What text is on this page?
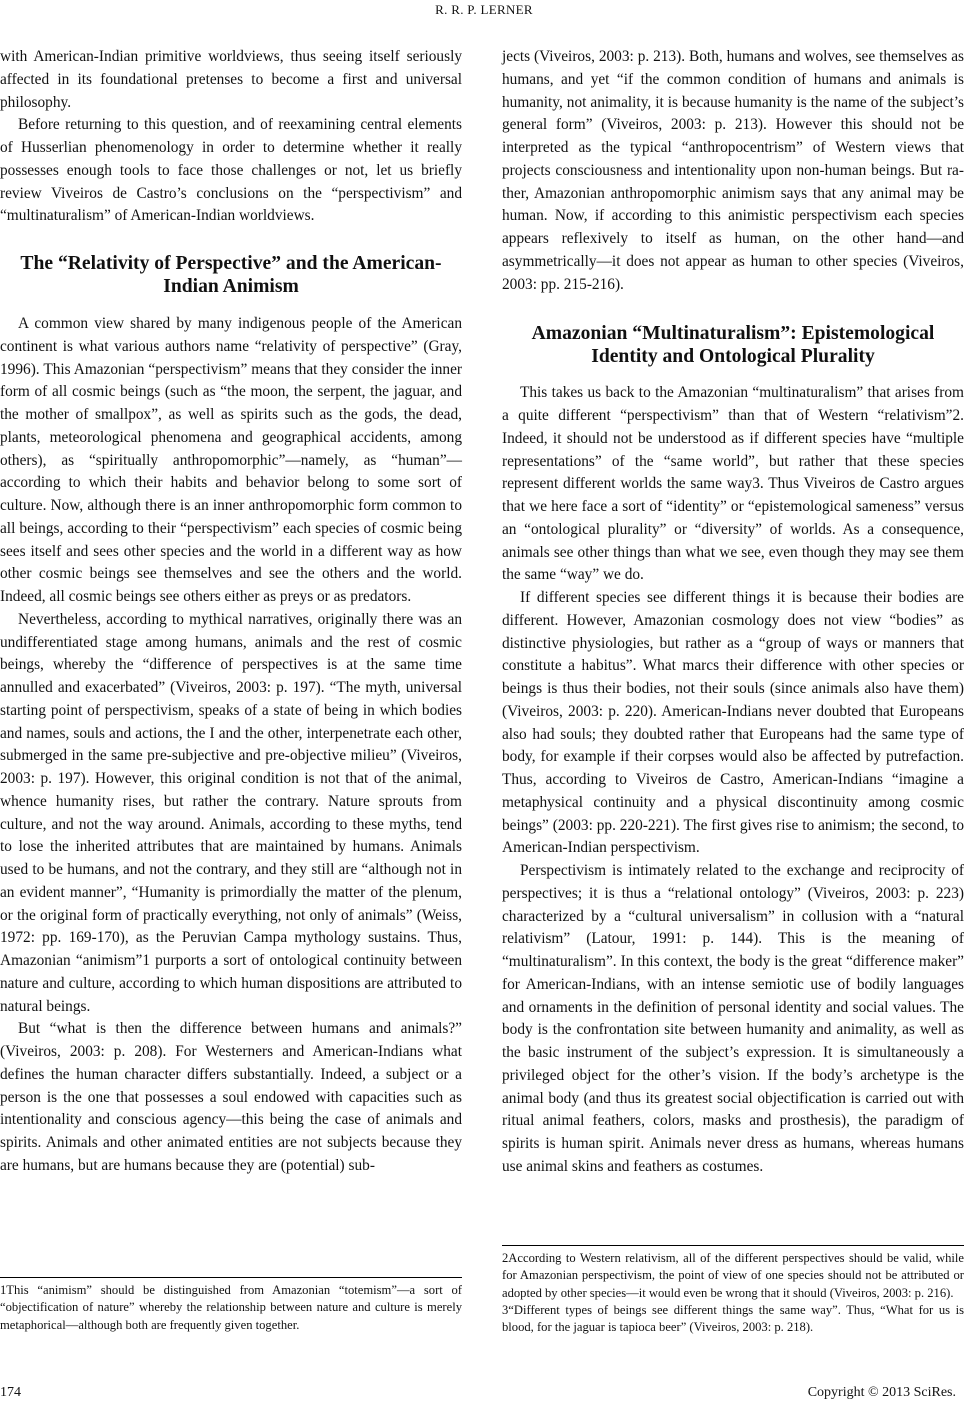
R. R. P. LERNER

with American-Indian primitive worldviews, thus seeing itself seriously affected in its foundational pretenses to become a first and universal philosophy.

Before returning to this question, and of reexamining central elements of Husserlian phenomenology in order to determine whether it really possesses enough tools to face those challenges or not, let us briefly review Viveiros de Castro’s conclusions on the “perspectivism” and “multinaturalism” of American-Indian worldviews.

The “Relativity of Perspective” and the American-Indian Animism

A common view shared by many indigenous people of the American continent is what various authors name “relativity of perspective” (Gray, 1996). This Amazonian “perspectivism” means that they consider the inner form of all cosmic beings (such as “the moon, the serpent, the jaguar, and the mother of smallpox”, as well as spirits such as the gods, the dead, plants, meteorological phenomena and geographical accidents, among others), as “spiritually anthropomorphic”—namely, as “human”—according to which their habits and behavior belong to some sort of culture. Now, although there is an inner anthropomorphic form common to all beings, according to their “perspectivism” each species of cosmic being sees itself and sees other species and the world in a different way as how other cosmic beings see themselves and see the others and the world. Indeed, all cosmic beings see others either as preys or as predators.

Nevertheless, according to mythical narratives, originally there was an undifferentiated stage among humans, animals and the rest of cosmic beings, whereby the “difference of perspectives is at the same time annulled and exacerbated” (Viveiros, 2003: p. 197). “The myth, universal starting point of perspectivism, speaks of a state of being in which bodies and names, souls and actions, the I and the other, interpenetrate each other, submerged in the same pre-subjective and pre-objective milieu” (Viveiros, 2003: p. 197). However, this original condition is not that of the animal, whence humanity rises, but rather the contrary. Nature sprouts from culture, and not the way around. Animals, according to these myths, tend to lose the inherited attributes that are maintained by humans. Animals used to be humans, and not the contrary, and they still are “although not in an evident manner”, “Humanity is primordially the matter of the plenum, or the original form of practically everything, not only of animals” (Weiss, 1972: pp. 169-170), as the Peruvian Campa mythology sustains. Thus, Amazonian “animism”1 purports a sort of ontological continuity between nature and culture, according to which human dispositions are attributed to natural beings.

But “what is then the difference between humans and animals?” (Viveiros, 2003: p. 208). For Westerners and American-Indians what defines the human character differs substantially. Indeed, a subject or a person is the one that possesses a soul endowed with capacities such as intentionality and conscious agency—this being the case of animals and spirits. Animals and other animated entities are not subjects because they are humans, but are humans because they are (potential) sub-

jects (Viveiros, 2003: p. 213). Both, humans and wolves, see themselves as humans, and yet “if the common condition of humans and animals is humanity, not animality, it is because humanity is the name of the subject’s general form” (Viveiros, 2003: p. 213). However this should not be interpreted as the typical “anthropocentrism” of Western views that projects consciousness and intentionality upon non-human beings. But rather, Amazonian anthropomorphic animism says that any animal may be human. Now, if according to this animistic perspectivism each species appears reflexively to itself as human, on the other hand—and asymmetrically—it does not appear as human to other species (Viveiros, 2003: pp. 215-216).

Amazonian “Multinaturalism”: Epistemological Identity and Ontological Plurality

This takes us back to the Amazonian “multinaturalism” that arises from a quite different “perspectivism” than that of Western “relativism”2. Indeed, it should not be understood as if different species have “multiple representations” of the “same world”, but rather that these species represent different worlds the same way3. Thus Viveiros de Castro argues that we here face a sort of “identity” or “epistemological sameness” versus an “ontological plurality” or “diversity” of worlds. As a consequence, animals see other things than what we see, even though they may see them the same “way” we do.

If different species see different things it is because their bodies are different. However, Amazonian cosmology does not view “bodies” as distinctive physiologies, but rather as a “group of ways or manners that constitute a habitus”. What marcs their difference with other species or beings is thus their bodies, not their souls (since animals also have them) (Viveiros, 2003: p. 220). American-Indians never doubted that Europeans also had souls; they doubted rather that Europeans had the same type of body, for example if their corpses would also be affected by putrefaction. Thus, according to Viveiros de Castro, American-Indians “imagine a metaphysical continuity and a physical discontinuity among cosmic beings” (2003: pp. 220-221). The first gives rise to animism; the second, to American-Indian perspectivism.

Perspectivism is intimately related to the exchange and reciprocity of perspectives; it is thus a “relational ontology” (Viveiros, 2003: p. 223) characterized by a “cultural universalism” in collusion with a “natural relativism” (Latour, 1991: p. 144). This is the meaning of “multinaturalism”. In this context, the body is the great “difference maker” for American-Indians, with an intense semiotic use of bodily languages and ornaments in the definition of personal identity and social values. The body is the confrontation site between humanity and animality, as well as the basic instrument of the subject’s expression. It is simultaneously a privileged object for the other’s vision. If the body’s archetype is the animal body (and thus its greatest social objectification is carried out with ritual animal feathers, colors, masks and prosthesis), the paradigm of spirits is human spirit. Animals never dress as humans, whereas humans use animal skins and feathers as costumes.

1This “animism” should be distinguished from Amazonian “totemism”—a sort of “objectification of nature” whereby the relationship between nature and culture is merely metaphorical—although both are frequently given together.

2According to Western relativism, all of the different perspectives should be valid, while for Amazonian perspectivism, the point of view of one species should not be attributed or adopted by other species—it would even be wrong that it should (Viveiros, 2003: p. 216).

3“Different types of beings see different things the same way”. Thus, “What for us is blood, for the jaguar is tapioca beer” (Viveiros, 2003: p. 218).

174	Copyright © 2013 SciRes.
